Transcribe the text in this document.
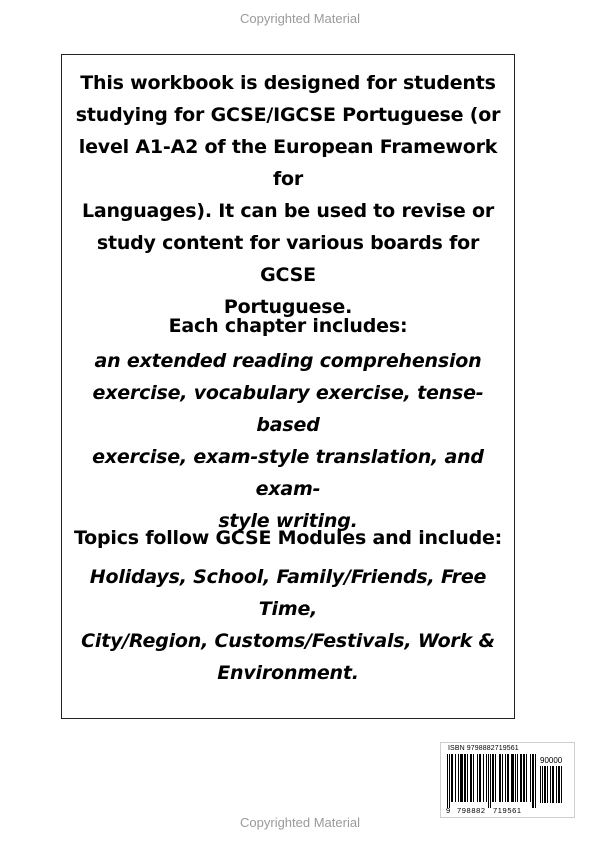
Copyrighted Material
This workbook is designed for students
studying for GCSE/IGCSE Portuguese (or
level A1-A2 of the European Framework for
Languages). It can be used to revise or
study content for various boards for GCSE
Portuguese.
Each chapter includes:
an extended reading comprehension
exercise, vocabulary exercise, tense-based
exercise, exam-style translation, and exam-
style writing.
Topics follow GCSE Modules and include:
Holidays, School, Family/Friends, Free Time,
City/Region, Customs/Festivals, Work &
Environment.
ISBN 9798882719561
90000
9 798882 719561
Copyrighted Material
